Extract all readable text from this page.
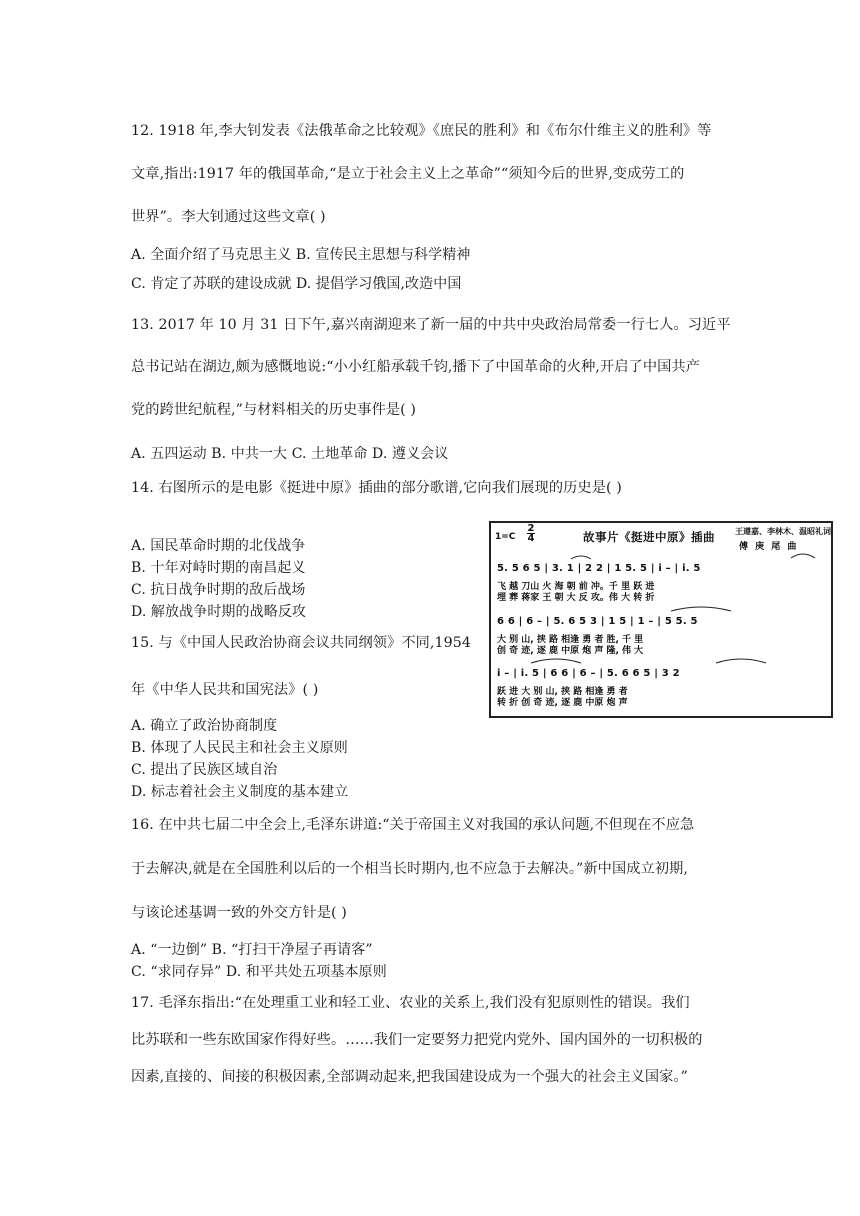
12. 1918 年,李大钊发表《法俄革命之比较观》《庶民的胜利》和《布尔什维主义的胜利》等
文章,指出:1917 年的俄国革命,“是立于社会主义上之革命”“须知今后的世界,变成劳工的
世界”。李大钊通过这些文章( )
A. 全面介绍了马克思主义 B. 宣传民主思想与科学精神
C. 肯定了苏联的建设成就 D. 提倡学习俄国,改造中国
13. 2017 年 10 月 31 日下午,嘉兴南湖迎来了新一届的中共中央政治局常委一行七人。习近平
总书记站在湖边,颇为感慨地说:“小小红船承载千钧,播下了中国革命的火种,开启了中国共产
党的跨世纪航程,”与材料相关的历史事件是( )
A. 五四运动 B. 中共一大 C. 土地革命 D. 遵义会议
14. 右图所示的是电影《挺进中原》插曲的部分歌谱,它向我们展现的历史是( )
A. 国民革命时期的北伐战争
B. 十年对峙时期的南昌起义
C. 抗日战争时期的敌后战场
D. 解放战争时期的战略反攻
15. 与《中国人民政治协商会议共同纲领》不同,1954
年《中华人民共和国宪法》( )
A. 确立了政治协商制度
B. 体现了人民民主和社会主义原则
C. 提出了民族区域自治
D. 标志着社会主义制度的基本建立
16. 在中共七届二中全会上,毛泽东讲道:“关于帝国主义对我国的承认问题,不但现在不应急
于去解决,就是在全国胜利以后的一个相当长时期内,也不应急于去解决。”新中国成立初期,
与该论述基调一致的外交方针是( )
A. “一边倒” B. “打扫干净屋子再请客”
C. “求同存异” D. 和平共处五项基本原则
17. 毛泽东指出:“在处理重工业和轻工业、农业的关系上,我们没有犯原则性的错误。我们
比苏联和一些东欧国家作得好些。……我们一定要努力把党内党外、国内国外的一切积极的
因素,直接的、间接的积极因素,全部调动起来,把我国建设成为一个强大的社会主义国家。”
1=C
2
4	故事片《挺进中原》插曲	王遵嘉、李林木、温昭礼词
傅 庚 尾 曲
5. 5 6 5 | 3. 1 | 2 2 | 1 5. 5 | i – | i. 5
飞 越 刀山 火 海 朝 前 冲。千 里 跃 进
埋 葬 蒋家 王 朝 大 反 攻。伟 大 转 折
6 6 | 6 – | 5. 6 5 3 | 1 5 | 1 – | 5 5. 5
大 别 山, 挟 路 相逢 勇 者 胜, 千 里
创 奇 迹, 逐 鹿 中原 炮 声 隆, 伟 大
i – | i. 5 | 6 6 | 6 – | 5. 6 6 5 | 3 2
跃 进 大 别 山, 挟 路 相逢 勇 者
转 折 创 奇 迹, 逐 鹿 中原 炮 声
